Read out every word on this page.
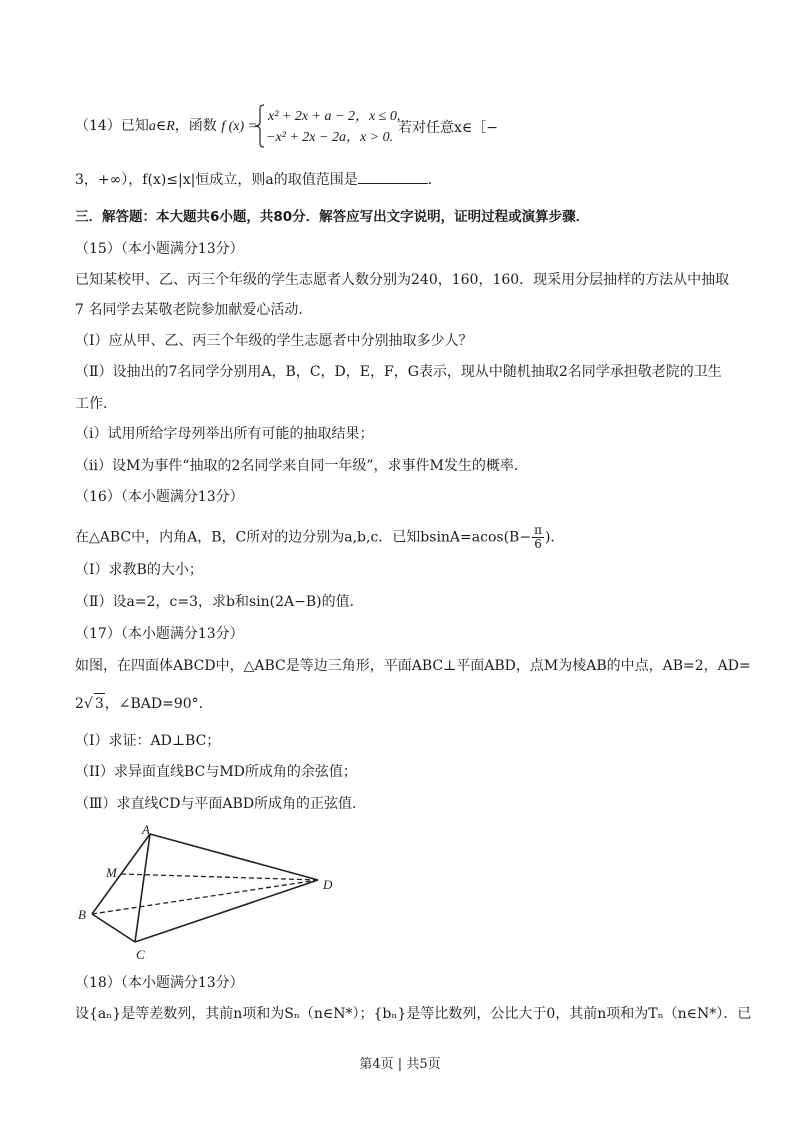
（14）已知a∈R，函数 f (x) =
x² + 2x + a − 2，x ≤ 0,
−x² + 2x − 2a，x > 0.
若对任意x∈［−
3，+∞），f(x)≤|x|恒成立，则a的取值范围是	．
三．解答题：本大题共6小题，共80分．解答应写出文字说明，证明过程或演算步骤．
（15）（本小题满分13分）
已知某校甲、乙、丙三个年级的学生志愿者人数分别为240，160，160．现采用分层抽样的方法从中抽取
7 名同学去某敬老院参加献爱心活动．
（I）应从甲、乙、丙三个年级的学生志愿者中分别抽取多少人？
（Ⅱ）设抽出的7名同学分别用A，B，C，D，E，F，G表示，现从中随机抽取2名同学承担敬老院的卫生
工作．
（i）试用所给字母列举出所有可能的抽取结果；
（ii）设M为事件“抽取的2名同学来自同一年级”，求事件M发生的概率．
（16）（本小题满分13分）
在△ABC中，内角A，B，C所对的边分别为a,b,c．已知$bsinA=acos(B- \frac{\pi}{6}$ )．
（I）求教B的大小；
（Ⅱ）设a=2，c=3，求b和sin(2A−B)的值．
（17）（本小题满分13分）
如图，在四面体ABCD中，△ABC是等边三角形，平面ABC⊥平面ABD，点M为棱AB的中点，AB=2，AD=
2√ 3，∠BAD=90°．
（I）求证：AD⊥BC；
（II）求异面直线BC与MD所成角的余弦值；
（Ⅲ）求直线CD与平面ABD所成角的正弦值．
A
M
B
C
D
（18）（本小题满分13分）
设{aₙ}是等差数列，其前n项和为Sₙ（n∈N*）；{bₙ}是等比数列，公比大于0，其前n项和为Tₙ（n∈N*）．已
第4页 | 共5页
